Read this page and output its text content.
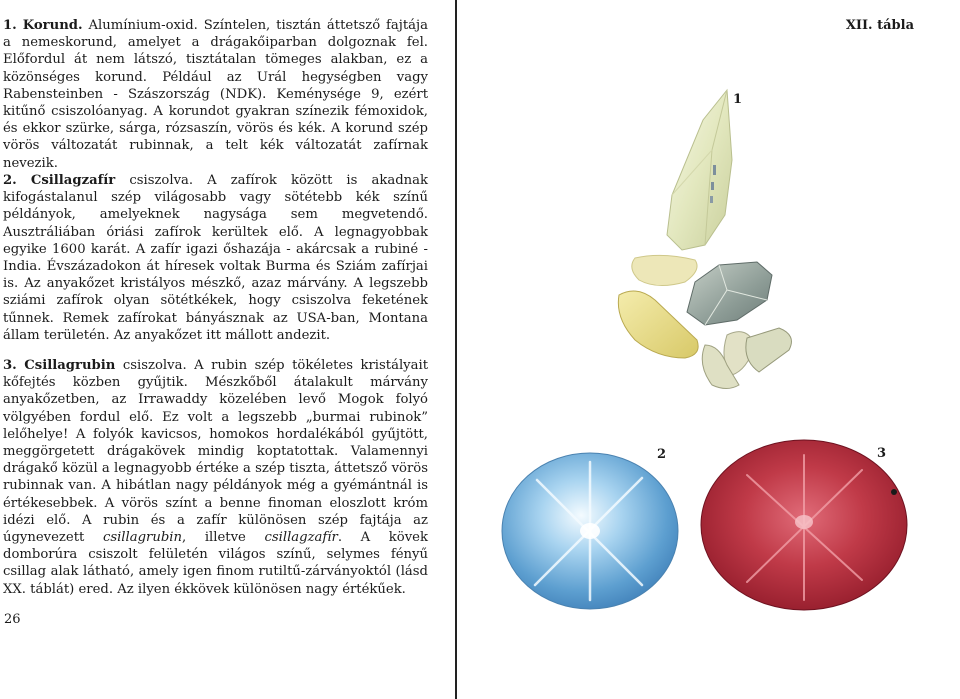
1. Korund. Alumínium-oxid. Színtelen, tisztán áttetsző fajtája a nemeskorund, amelyet a drágakőiparban dolgoznak fel. Előfordul át nem látszó, tisztátalan tömeges alakban, ez a közönséges korund. Például az Urál hegységben vagy Rabensteinben - Szászország (NDK). Keménysége 9, ezért kitűnő csiszolóanyag. A korundot gyakran színezik fémoxidok, és ekkor szürke, sárga, rózsaszín, vörös és kék. A korund szép vörös változatát rubinnak, a telt kék változatát zafírnak nevezik.

2. Csillagzafír csiszolva. A zafírok között is akadnak kifogástalanul szép világosabb vagy sötétebb kék színű példányok, amelyeknek nagysága sem megvetendő. Ausztráliában óriási zafírok kerültek elő. A legnagyobbak egyike 1600 karát. A zafír igazi őshazája - akárcsak a rubiné - India. Évszázadokon át híresek voltak Burma és Sziám zafírjai is. Az anyakőzet kristályos mészkő, azaz márvány. A legszebb sziámi zafírok olyan sötétkékek, hogy csiszolva feketének tűnnek. Remek zafírokat bányásznak az USA-ban, Montana állam területén. Az anyakőzet itt mállott andezit.

3. Csillagrubin csiszolva. A rubin szép tökéletes kristályait kőfejtés közben gyűjtik. Mészkőből átalakult márvány anyakőzetben, az Irrawaddy közelében levő Mogok folyó völgyében fordul elő. Ez volt a legszebb „burmai rubinok” lelőhelye! A folyók kavicsos, homokos hordalékából gyűjtött, meggörgetett drágakövek mindig koptatottak. Valamennyi drágakő közül a legnagyobb értéke a szép tiszta, áttetsző vörös rubinnak van. A hibátlan nagy példányok még a gyémántnál is értékesebbek. A vörös színt a benne finoman eloszlott króm idézi elő. A rubin és a zafír különösen szép fajtája az úgynevezett csillagrubin, illetve csillagzafír. A kövek domborúra csiszolt felületén világos színű, selymes fényű csillag alak látható, amely igen finom rutiltű-zárványoktól (lásd XX. táblát) ered. Az ilyen ékkövek különösen nagy értékűek.

26
XII. tábla
1
2	3
